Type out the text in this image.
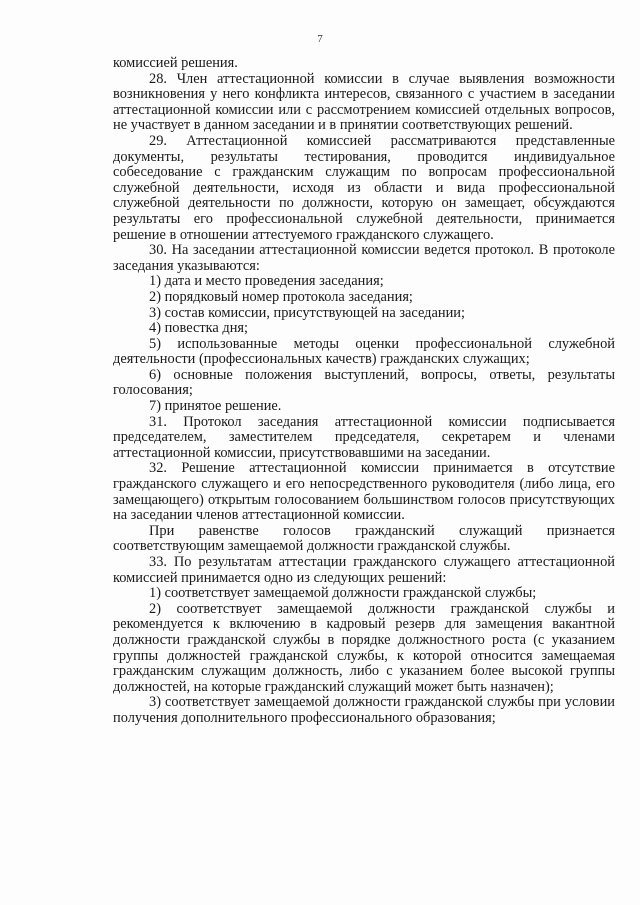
7

комиссией решения.

28. Член аттестационной комиссии в случае выявления возможности возникновения у него конфликта интересов, связанного с участием в заседании аттестационной комиссии или с рассмотрением комиссией отдельных вопросов, не участвует в данном заседании и в принятии соответствующих решений.

29. Аттестационной комиссией рассматриваются представленные документы, результаты тестирования, проводится индивидуальное собеседование с гражданским служащим по вопросам профессиональной служебной деятельности, исходя из области и вида профессиональной служебной деятельности по должности, которую он замещает, обсуждаются результаты его профессиональной служебной деятельности, принимается решение в отношении аттестуемого гражданского служащего.

30. На заседании аттестационной комиссии ведется протокол. В протоколе заседания указываются:

1) дата и место проведения заседания;

2) порядковый номер протокола заседания;

3) состав комиссии, присутствующей на заседании;

4) повестка дня;

5) использованные методы оценки профессиональной служебной деятельности (профессиональных качеств) гражданских служащих;

6) основные положения выступлений, вопросы, ответы, результаты голосования;

7) принятое решение.

31. Протокол заседания аттестационной комиссии подписывается председателем, заместителем председателя, секретарем и членами аттестационной комиссии, присутствовавшими на заседании.

32. Решение аттестационной комиссии принимается в отсутствие гражданского служащего и его непосредственного руководителя (либо лица, его замещающего) открытым голосованием большинством голосов присутствующих на заседании членов аттестационной комиссии.

При равенстве голосов гражданский служащий признается соответствующим замещаемой должности гражданской службы.

33. По результатам аттестации гражданского служащего аттестационной комиссией принимается одно из следующих решений:

1) соответствует замещаемой должности гражданской службы;

2) соответствует замещаемой должности гражданской службы и рекомендуется к включению в кадровый резерв для замещения вакантной должности гражданской службы в порядке должностного роста (с указанием группы должностей гражданской службы, к которой относится замещаемая гражданским служащим должность, либо с указанием более высокой группы должностей, на которые гражданский служащий может быть назначен);

3) соответствует замещаемой должности гражданской службы при условии получения дополнительного профессионального образования;
